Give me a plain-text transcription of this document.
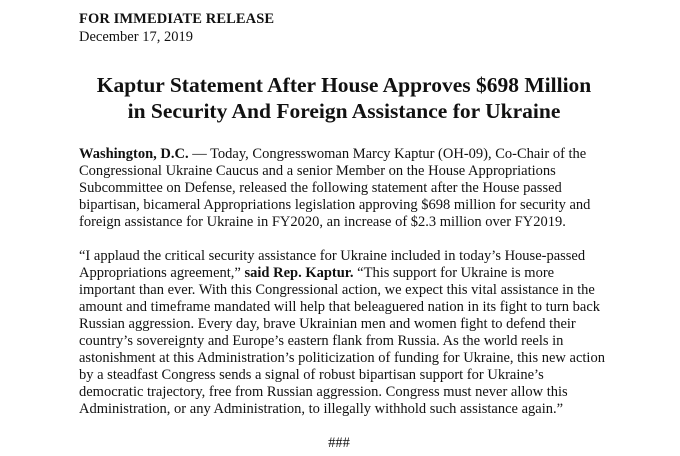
FOR IMMEDIATE RELEASE

December 17, 2019

Kaptur Statement After House Approves $698 Million
in Security And Foreign Assistance for Ukraine

Washington, D.C. — Today, Congresswoman Marcy Kaptur (OH-09), Co-Chair of the Congressional Ukraine Caucus and a senior Member on the House Appropriations Subcommittee on Defense, released the following statement after the House passed bipartisan, bicameral Appropriations legislation approving $698 million for security and foreign assistance for Ukraine in FY2020, an increase of $2.3 million over FY2019.

“I applaud the critical security assistance for Ukraine included in today’s House-passed Appropriations agreement,” said Rep. Kaptur. “This support for Ukraine is more important than ever. With this Congressional action, we expect this vital assistance in the amount and timeframe mandated will help that beleaguered nation in its fight to turn back Russian aggression. Every day, brave Ukrainian men and women fight to defend their country’s sovereignty and Europe’s eastern flank from Russia. As the world reels in astonishment at this Administration’s politicization of funding for Ukraine, this new action by a steadfast Congress sends a signal of robust bipartisan support for Ukraine’s democratic trajectory, free from Russian aggression. Congress must never allow this Administration, or any Administration, to illegally withhold such assistance again.”

###
